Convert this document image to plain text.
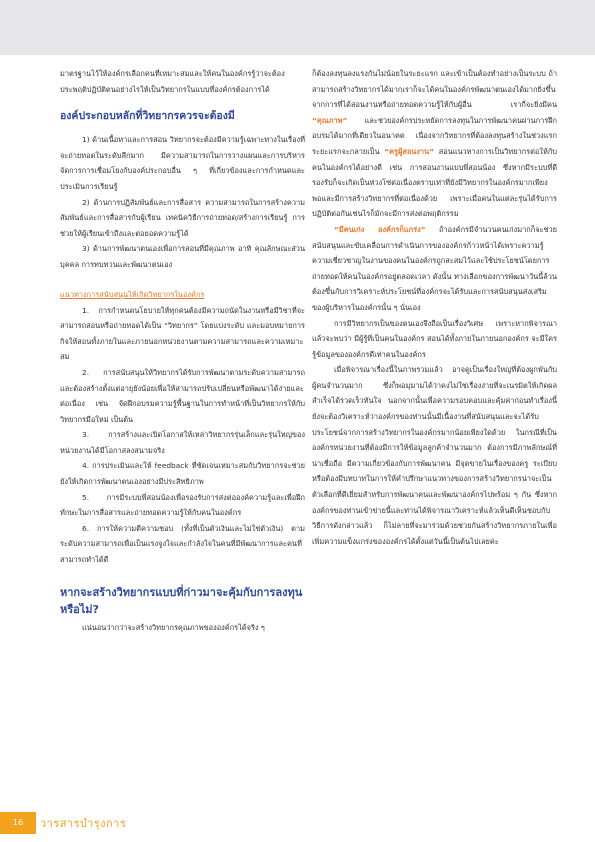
มาตรฐานไว้ให้องค์กรเลือกคนที่เหมาะสมและให้คนในองค์กรรู้ว่าจะต้องประพฤติปฏิบัติตนอย่างไรให้เป็นวิทยากรในแบบที่องค์กรต้องการได้

องค์ประกอบหลักที่วิทยากรควรจะต้องมี

1) ด้านเนื้อหาและการสอน วิทยากรจะต้องมีความรู้เฉพาะทางในเรื่องที่จะถ่ายทอดในระดับลึกมาก มีความสามารถในการวางแผนและการบริหารจัดการการเชื่อมโยงกับองค์ประกอบอื่น ๆ ที่เกี่ยวข้องและการกำหนดและประเมินการเรียนรู้

2) ด้านการปฏิสัมพันธ์และการสื่อสาร ความสามารถในการสร้างความสัมพันธ์และการสื่อสารกับผู้เรียน เทคนิควิธีการถ่ายทอด/สร้างการเรียนรู้ การช่วยให้ผู้เรียนเข้าถึงและต่อยอดความรู้ได้

3) ด้านการพัฒนาตนเองเพื่อการสอนที่มีคุณภาพ อาทิ คุณลักษณะส่วนบุคคล การทบทวนและพัฒนาตนเอง

แนวทางการสนับสนุนให้เกิดวิทยากรในองค์กร

1. การกำหนดนโยบายให้ทุกคนต้องมีความถนัดในงานหรือมีวิชาที่จะสามารถสอนหรือถ่ายทอดได้เป็น “วิทยากร” โดยแบ่งระดับ และมอบหมายการกิจให้สอนทั้งภายในและภายนอกหน่วยงานตามความสามารถและความเหมาะสม

2. การสนับสนุนให้วิทยากรได้รับการพัฒนาตามระดับความสามารถ และต้องสร้างตั้งแต่อายุยังน้อยเพื่อให้สามารถปรับเปลี่ยนหรือพัฒนาได้ง่ายและต่อเนื่อง เช่น จัดฝึกอบรมความรู้พื้นฐานในการทำหน้าที่เป็นวิทยากรให้กับวิทยากรมือใหม่ เป็นต้น

3. การสร้างและเปิดโอกาสให้เหล่าวิทยากรรุ่นเล็กและรุ่นใหญ่ของหน่วยงานได้มีโอกาสลงสนามจริง

4. การประเมินและให้ feedback ที่ชัดเจนเหมาะสมกับวิทยากรจะช่วยยังให้เกิดการพัฒนาตนเองอย่างมีประสิทธิภาพ

5. การมีระบบพี่สอนน้องเพื่อรองรับการส่งต่อองค์ความรู้และเพื่อฝึกทักษะในการสื่อสารและถ่ายทอดความรู้ให้กับคนในองค์กร

6. การให้ความตีความชอบ (ทั้งที่เป็นตัวเงินและไม่ใช่ตัวเงิน) ตามระดับความสามารถเพื่อเป็นแรงจูงใจและกำลังใจในคนที่มีพัฒนาการและคนที่สามารถทำได้ดี

หากจะสร้างวิทยากรแบบที่ก่าวมาจะคุ้มกับการลงทุนหรือไม่?

แน่นอนว่ากว่าจะสร้างวิทยากรคุณภาพขององค์กรได้จริง ๆ

ก็ต้องลงทุนลงแรงกันไม่น้อยในระยะแรก และเข้าเป็นต้องทำอย่างเป็นระบบ ถ้าสามารถสร้างวิทยากรได้มากเราก็จะได้คนในองค์กรพัฒนาตนเองได้มากยิ่งขึ้นจากการที่ได้สอนงานหรือถ่ายทอดความรู้ให้กับผู้อื่น เรากี่จะยิ่งมีคน “คุณภาพ” และช่วยองค์กรประหยัดการลงทุนในการพัฒนาคนผ่านการฝึกอบรมได้มากที่เดียวในอนาคต เนื่องจากวิทยากรที่ต้องลงทุนสร้างในช่วงแรกระยะแรกจะกลายเป็น “ครูผู้สอนงาน” สอนแนวทางการเป็นวิทยากรต่อให้กับคนในองค์กรได้อย่างดี เช่น การสอนงานแบบพี่สอนน้อง ซึ่งหากมีระบบที่ดีรองรับก็จะเกิดเป็นห่วงโซ่ต่อเนื่องตราบเท่าที่ยังมีวิทยากรในองค์กรมากเพียงพอและมีการสร้างวิทยากรที่ต่อเนื่องด้วย เพราะเมื่อคนในแต่ละรุ่นได้รับการปฏิบัติต่อกันเช่นไรก็มักจะมีการส่งต่อพฤติกรรม

“มีคนเก่ง องค์กรก็แกร่ง” ถ้าองค์กรมีจำนวนคนเก่งมากก็จะช่วยสนับสนุนและขับเคลื่อนการดำเนินการขององค์กรก้าวหน้าได้เพราะความรู้ความเชี่ยวชาญในงานของคนในองค์กรถูกสะสมไว้และใช้ประโยชน์โดยการถ่ายทอดให้คนในองค์กรอยู่ตลอดเวลา ดังนั้น ทางเลือกของการพัฒนาวันนี้ล้วนต้องขึ้นกับการวิเคราะห์ประโยชน์ที่องค์กรจะได้รับและการสนับสนุนส่งเสริมของผู้บริหารในองค์กรนั้น ๆ นั่นเอง

การมีวิทยากรเป็นของตนเองจึงถือเป็นเรื่องวิเศษ เพราะหากพิจารณาแล้วจะพบว่า มีผู้รู้ที่เป็นคนในองค์กร สอนได้ทั้งภายในภายนอกองค์กร จะมีใครรู้ข้อมูลขององค์กรดีเท่าคนในองค์กร

เมื่อพิจารณาเรื่องนี้ในภาพรวมแล้ว อาจดูเป็นเรื่องใหญ่ที่ต้องผูกพันกับผู้คนจำนวนมาก ซึ่งก็พอมุมามได้ว่าคงไม่ใช่เรื่องง่ายที่จะเนรมิตให้เกิดผลสำเร็จได้รวดเร็วทันใจ นอกจากนั้นเพื่อความรอบคอบและคุ้มค่าก่อนทำเรื่องนี้ยังจะต้องวิเคราะห์ว่าองค์กรของท่านนั้นมีเนื้องานที่สนับสนุนและจะได้รับประโยชน์จากการสร้างวิทยากรในองค์กรมากน้อยเพียงใดด้วย ในกรณีที่เป็นองค์กรหน่วยงานที่ต้องมีการให้ข้อมูลลูกค้าจำนวนมาก ต้องการมีภาพลักษณ์ที่น่าเชื่อถือ มีความเกี่ยวข้องกับการพัฒนาคน มีจุดขายในเรื่องของครู ระเบียบ หรือต้องมีบทบาทในการให้คำปรึกษาแนวทางของการสร้างวิทยากรน่าจะเป็นตัวเลือกที่ดีเยี่ยมสำหรับการพัฒนาคนและพัฒนาองค์กรไปพร้อม ๆ กัน ซึ่งหากองค์กรของท่านเข้าข่ายนี้และท่านได้พิจารณาวิเคราะห์แล้วเห็นดีเห็นชอบกับวิธีการดังกล่าวแล้ว ก็ไม่ลายที่จะมาร่วมด้วยช่วยกันสร้างวิทยากรภายในเพื่อเพิ่มความแข็งแกร่งขององค์กรได้ตั้งแต่วันนี้เป็นต้นไปเลยค่ะ

16	วารสารบำรุงการ
